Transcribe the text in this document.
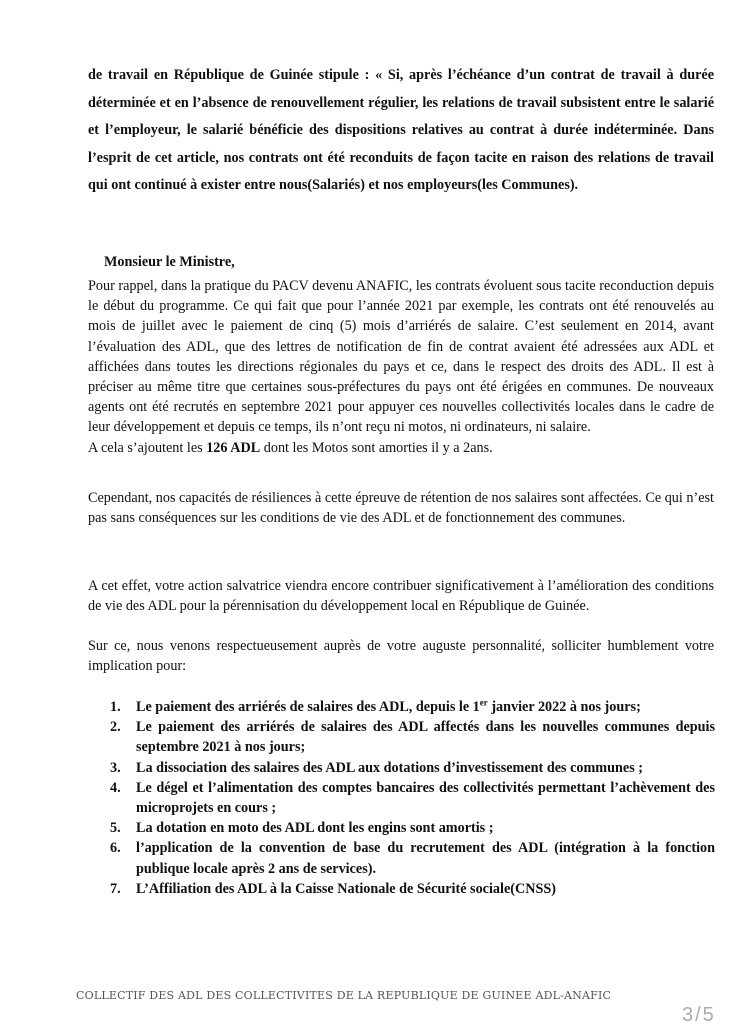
de travail en République de Guinée stipule : « Si, après l’échéance d’un contrat de travail à durée déterminée et en l’absence de renouvellement régulier, les relations de travail subsistent entre le salarié et l’employeur, le salarié bénéficie des dispositions relatives au contrat à durée indéterminée. Dans l’esprit de cet article, nos contrats ont été reconduits de façon tacite en raison des relations de travail qui ont continué à exister entre nous(Salariés) et nos employeurs(les Communes).

Monsieur le Ministre,

Pour rappel, dans la pratique du PACV devenu ANAFIC, les contrats évoluent sous tacite reconduction depuis le début du programme. Ce qui fait que pour l’année 2021 par exemple, les contrats ont été renouvelés au mois de juillet avec le paiement de cinq (5) mois d’arriérés de salaire. C’est seulement en 2014, avant l’évaluation des ADL, que des lettres de notification de fin de contrat avaient été adressées aux ADL et affichées dans toutes les directions régionales du pays et ce, dans le respect des droits des ADL. Il est à préciser au même titre que certaines sous-préfectures du pays ont été érigées en communes. De nouveaux agents ont été recrutés en septembre 2021 pour appuyer ces nouvelles collectivités locales dans le cadre de leur développement et depuis ce temps, ils n’ont reçu ni motos, ni ordinateurs, ni salaire.
A cela s’ajoutent les 126 ADL dont les Motos sont amorties il y a 2ans.

Cependant, nos capacités de résiliences à cette épreuve de rétention de nos salaires sont affectées. Ce qui n’est pas sans conséquences sur les conditions de vie des ADL et de fonctionnement des communes.

A cet effet, votre action salvatrice viendra encore contribuer significativement à l’amélioration des conditions de vie des ADL pour la pérennisation du développement local en République de Guinée.

Sur ce, nous venons respectueusement auprès de votre auguste personnalité, solliciter humblement votre implication pour:

1. Le paiement des arriérés de salaires des ADL, depuis le 1er janvier 2022 à nos jours;
2. Le paiement des arriérés de salaires des ADL affectés dans les nouvelles communes depuis septembre 2021 à nos jours;
3. La dissociation des salaires des ADL aux dotations d’investissement des communes ;
4. Le dégel et l’alimentation des comptes bancaires des collectivités permettant l’achèvement des microprojets en cours ;
5. La dotation en moto des ADL dont les engins sont amortis ;
6. l’application de la convention de base du recrutement des ADL (intégration à la fonction publique locale après 2 ans de services).
7. L’Affiliation des ADL à la Caisse Nationale de Sécurité sociale(CNSS)
COLLECTIF DES ADL DES COLLECTIVITES DE LA REPUBLIQUE DE GUINEE ADL-ANAFIC
3/5
